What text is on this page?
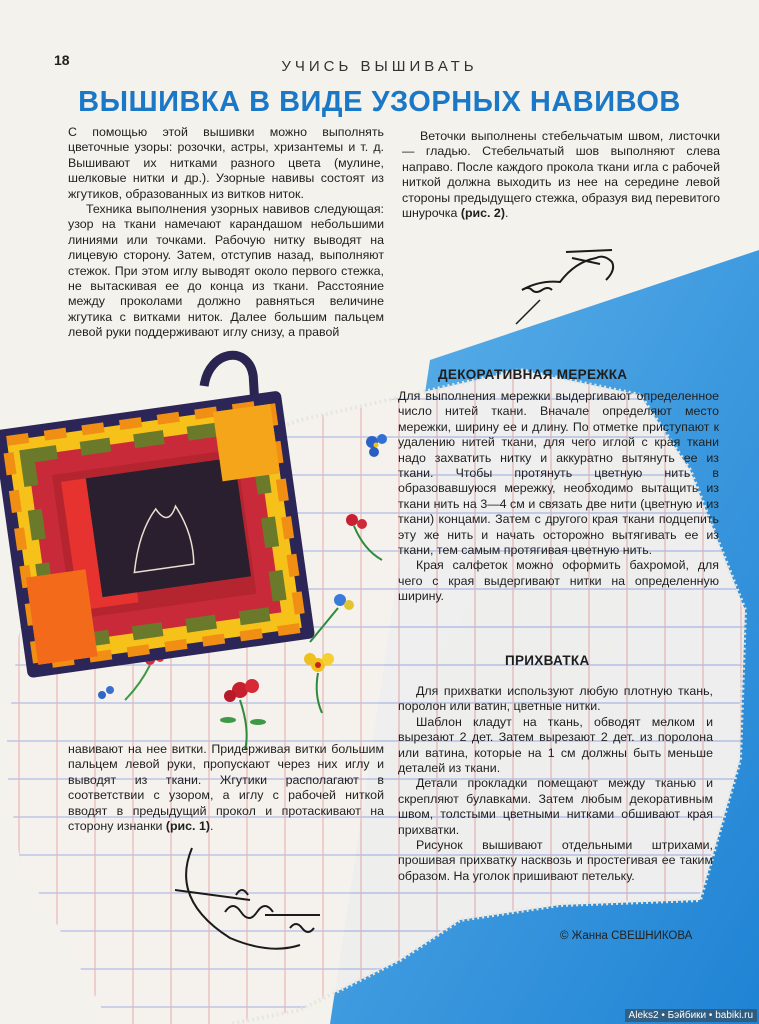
18	УЧИСЬ ВЫШИВАТЬ
ВЫШИВКА В ВИДЕ УЗОРНЫХ НАВИВОВ

С помощью этой вышивки можно выполнять цветочные узоры: розочки, астры, хризантемы и т. д. Вышивают их нитками разного цвета (мулине, шелковые нитки и др.). Узорные навивы состоят из жгутиков, образованных из витков ниток.

Техника выполнения узорных навивов следующая: узор на ткани намечают карандашом небольшими линиями или точками. Рабочую нитку выводят на лицевую сторону. Затем, отступив назад, выполняют стежок. При этом иглу выводят около первого стежка, не вытаскивая ее до конца из ткани. Расстояние между проколами должно равняться величине жгутика с витками ниток. Далее большим пальцем левой руки поддерживают иглу снизу, а правой

Веточки выполнены стебельчатым швом, листочки — гладью. Стебельчатый шов выполняют слева направо. После каждого прокола ткани игла с рабочей ниткой должна выходить из нее на середине левой стороны предыдущего стежка, образуя вид перевитого шнурочка (рис. 2).

ДЕКОРАТИВНАЯ МЕРЕЖКА

Для выполнения мережки выдергивают определенное число нитей ткани. Вначале определяют место мережки, ширину ее и длину. По отметке приступают к удалению нитей ткани, для чего иглой с края ткани надо захватить нитку и аккуратно вытянуть ее из ткани. Чтобы протянуть цветную нить в образовавшуюся мережку, необходимо вытащить из ткани нить на 3—4 см и связать две нити (цветную и из ткани) концами. Затем с другого края ткани подцепить эту же нить и начать осторожно вытягивать ее из ткани, тем самым протягивая цветную нить.

Края салфеток можно оформить бахромой, для чего с края выдергивают нитки на определенную ширину.

ПРИХВАТКА

Для прихватки используют любую плотную ткань, поролон или ватин, цветные нитки.

Шаблон кладут на ткань, обводят мелком и вырезают 2 дет. Затем вырезают 2 дет. из поролона или ватина, которые на 1 см должны быть меньше деталей из ткани.

Детали прокладки помещают между тканью и скрепляют булавками. Затем любым декоративным швом, толстыми цветными нитками обшивают края прихватки.

Рисунок вышивают отдельными штрихами, прошивая прихватку насквозь и простегивая ее таким образом. На уголок пришивают петельку.

навивают на нее витки. Придерживая витки большим пальцем левой руки, пропускают через них иглу и выводят из ткани. Жгутики располагают в соответствии с узором, а иглу с рабочей ниткой вводят в предыдущий прокол и протаскивают на сторону изнанки (рис. 1).

© Жанна СВЕШНИКОВА
Aleks2 • Бэйбики • babiki.ru
